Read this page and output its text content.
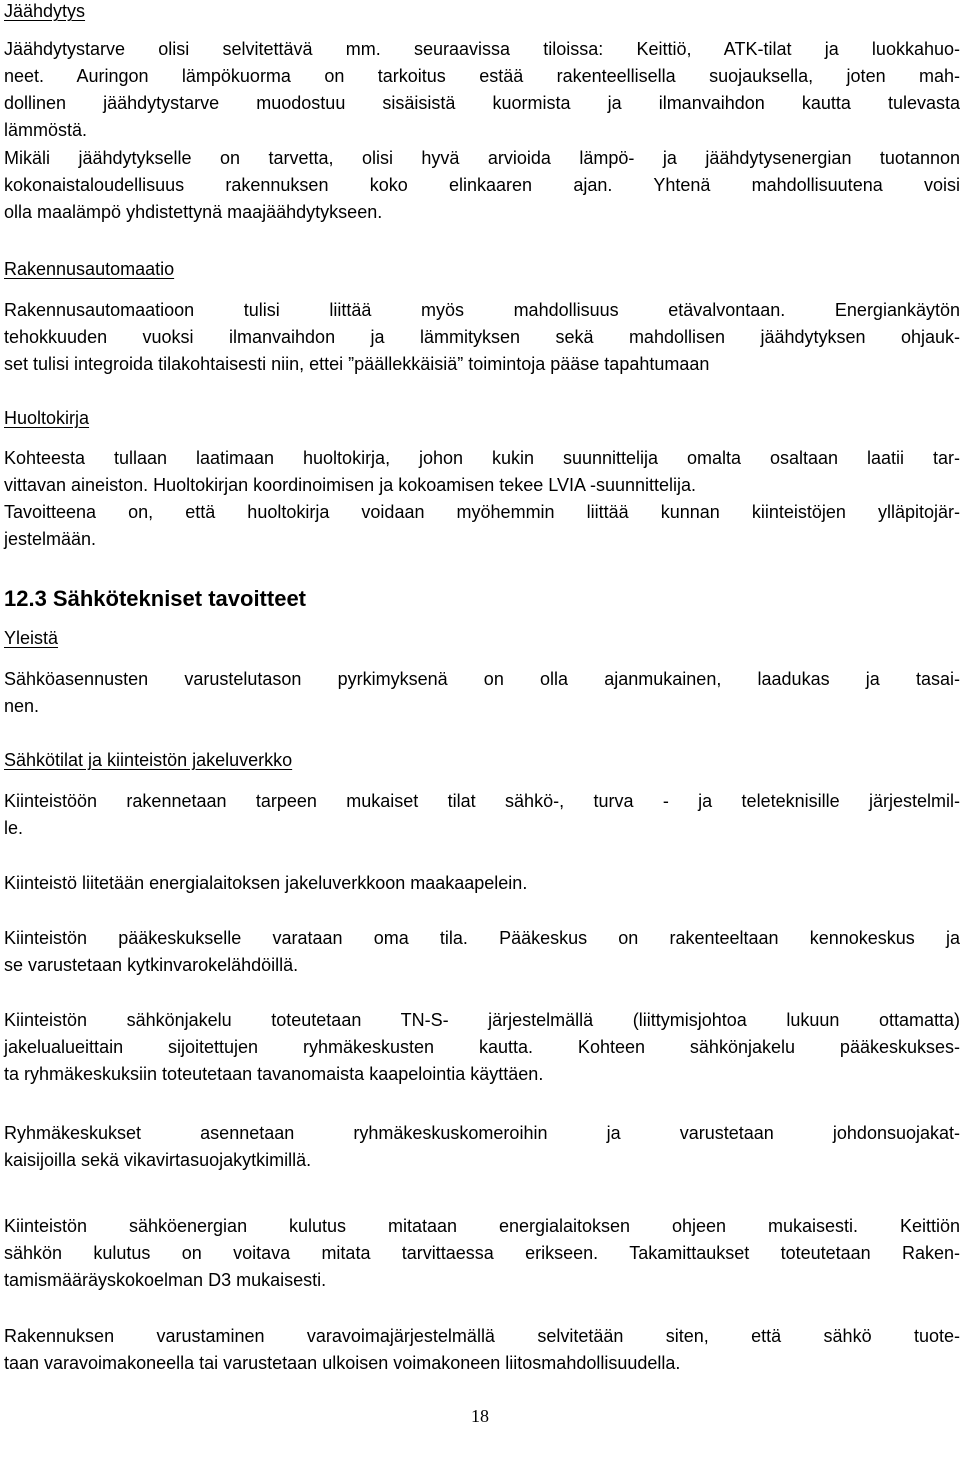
Jäähdytys
Jäähdytystarve olisi selvitettävä mm. seuraavissa tiloissa: Keittiö, ATK-tilat ja luokkahuo-
neet. Auringon lämpökuorma on tarkoitus estää rakenteellisella suojauksella, joten mah-
dollinen jäähdytystarve muodostuu sisäisistä kuormista ja ilmanvaihdon kautta tulevasta
lämmöstä.
Mikäli jäähdytykselle on tarvetta, olisi hyvä arvioida lämpö- ja jäähdytysenergian tuotannon
kokonaistaloudellisuus rakennuksen koko elinkaaren ajan. Yhtenä mahdollisuutena voisi
olla maalämpö yhdistettynä maajäähdytykseen.
Rakennusautomaatio
Rakennusautomaatioon tulisi liittää myös mahdollisuus etävalvontaan. Energiankäytön
tehokkuuden vuoksi ilmanvaihdon ja lämmityksen sekä mahdollisen jäähdytyksen ohjauk-
set tulisi integroida tilakohtaisesti niin, ettei ”päällekkäisiä” toimintoja pääse tapahtumaan
Huoltokirja
Kohteesta tullaan laatimaan huoltokirja, johon kukin suunnittelija omalta osaltaan laatii tar-
vittavan aineiston. Huoltokirjan koordinoimisen ja kokoamisen tekee LVIA -suunnittelija.
Tavoitteena on, että huoltokirja voidaan myöhemmin liittää kunnan kiinteistöjen ylläpitojär-
jestelmään.
12.3 Sähkötekniset tavoitteet
Yleistä
Sähköasennusten varustelutason pyrkimyksenä on olla ajanmukainen, laadukas ja tasai-
nen.
Sähkötilat ja kiinteistön jakeluverkko
Kiinteistöön rakennetaan tarpeen mukaiset tilat sähkö-, turva - ja teleteknisille järjestelmil-
le.
Kiinteistö liitetään energialaitoksen jakeluverkkoon maakaapelein.
Kiinteistön pääkeskukselle varataan oma tila. Pääkeskus on rakenteeltaan kennokeskus ja
se varustetaan kytkinvarokelähdöillä.
Kiinteistön sähkönjakelu toteutetaan TN-S- järjestelmällä (liittymisjohtoa lukuun ottamatta)
jakelualueittain sijoitettujen ryhmäkeskusten kautta. Kohteen sähkönjakelu pääkeskukses-
ta ryhmäkeskuksiin toteutetaan tavanomaista kaapelointia käyttäen.
Ryhmäkeskukset asennetaan ryhmäkeskuskomeroihin ja varustetaan johdonsuojakat-
kaisijoilla sekä vikavirtasuojakytkimillä.
Kiinteistön sähköenergian kulutus mitataan energialaitoksen ohjeen mukaisesti. Keittiön
sähkön kulutus on voitava mitata tarvittaessa erikseen. Takamittaukset toteutetaan Raken-
tamismääräyskokoelman D3 mukaisesti.
Rakennuksen varustaminen varavoimajärjestelmällä selvitetään siten, että sähkö tuote-
taan varavoimakoneella tai varustetaan ulkoisen voimakoneen liitosmahdollisuudella.
18
